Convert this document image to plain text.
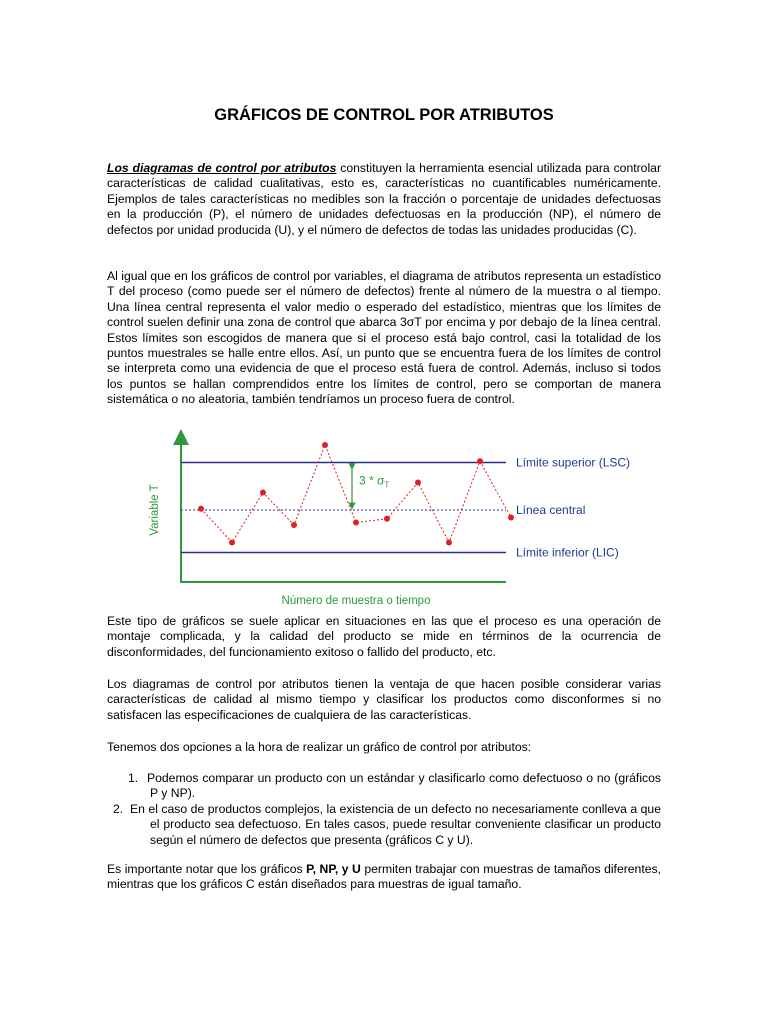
GRÁFICOS DE CONTROL POR ATRIBUTOS

Los diagramas de control por atributos constituyen la herramienta esencial utilizada para controlar características de calidad cualitativas, esto es, características no cuantificables numéricamente. Ejemplos de tales características no medibles son la fracción o porcentaje de unidades defectuosas en la producción (P), el número de unidades defectuosas en la producción (NP), el número de defectos por unidad producida (U), y el número de defectos de todas las unidades producidas (C).

Al igual que en los gráficos de control por variables, el diagrama de atributos representa un estadístico T del proceso (como puede ser el número de defectos) frente al número de la muestra o al tiempo. Una línea central representa el valor medio o esperado del estadístico, mientras que los límites de control suelen definir una zona de control que abarca 3σT por encima y por debajo de la línea central. Estos límites son escogidos de manera que si el proceso está bajo control, casi la totalidad de los puntos muestrales se halle entre ellos. Así, un punto que se encuentra fuera de los límites de control se interpreta como una evidencia de que el proceso está fuera de control. Además, incluso si todos los puntos se hallan comprendidos entre los límites de control, pero se comportan de manera sistemática o no aleatoria, también tendríamos un proceso fuera de control.

$3 * \sigma_T$
Límite superior (LSC)
Línea central
Límite inferior (LIC)
Número de muestra o tiempo
Variable T

Este tipo de gráficos se suele aplicar en situaciones en las que el proceso es una operación de montaje complicada, y la calidad del producto se mide en términos de la ocurrencia de disconformidades, del funcionamiento exitoso o fallido del producto, etc.

Los diagramas de control por atributos tienen la ventaja de que hacen posible considerar varias características de calidad al mismo tiempo y clasificar los productos como disconformes si no satisfacen las especificaciones de cualquiera de las características.

Tenemos dos opciones a la hora de realizar un gráfico de control por atributos:

1. Podemos comparar un producto con un estándar y clasificarlo como defectuoso o no (gráficos P y NP).
2. En el caso de productos complejos, la existencia de un defecto no necesariamente conlleva a que el producto sea defectuoso. En tales casos, puede resultar conveniente clasificar un producto según el número de defectos que presenta (gráficos C y U).

Es importante notar que los gráficos P, NP, y U permiten trabajar con muestras de tamaños diferentes, mientras que los gráficos C están diseñados para muestras de igual tamaño.
